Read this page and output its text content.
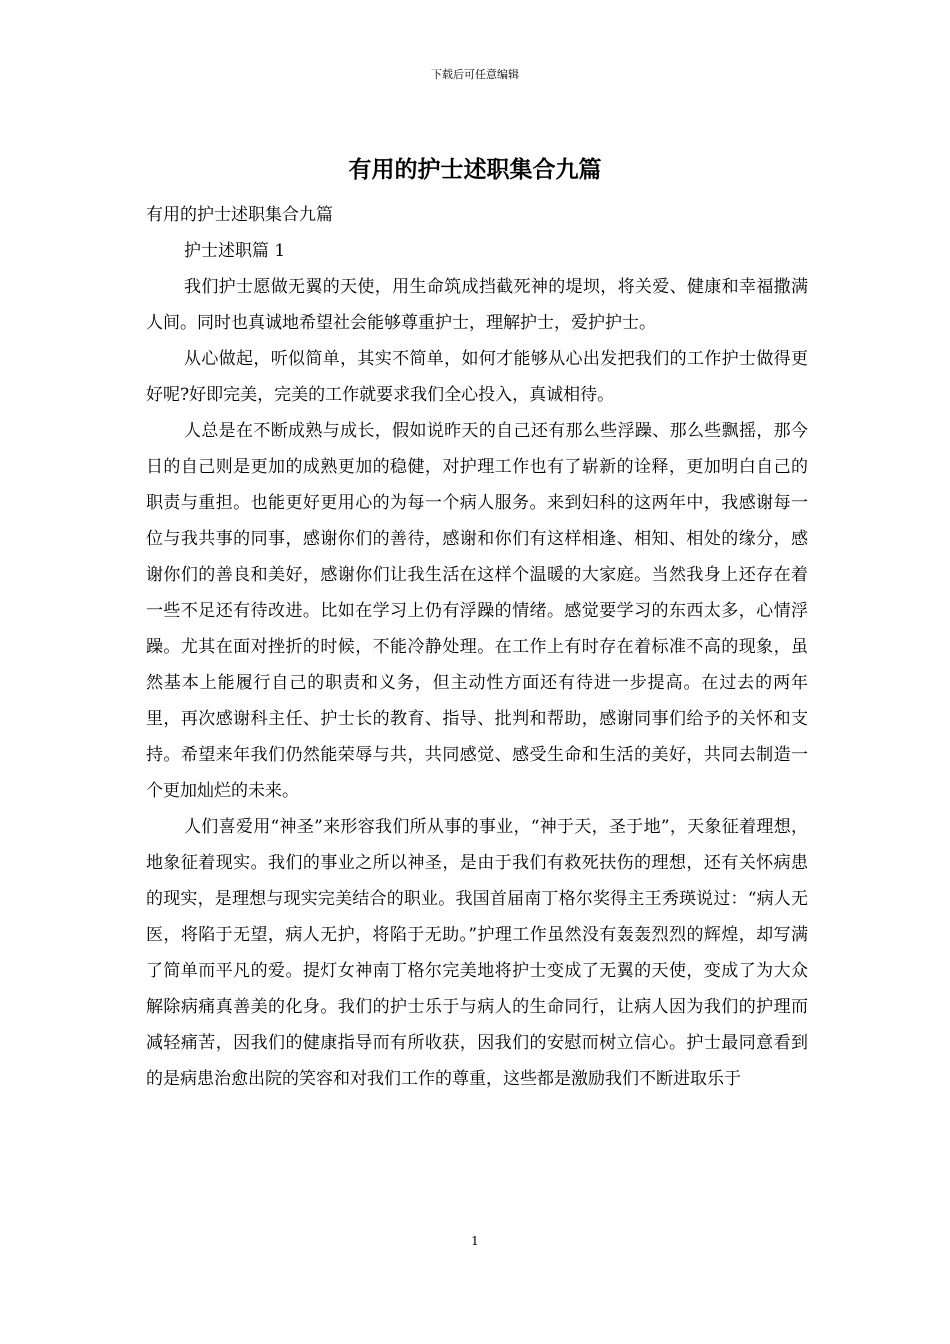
下载后可任意编辑
有用的护士述职集合九篇

有用的护士述职集合九篇

护士述职篇 1

我们护士愿做无翼的天使，用生命筑成挡截死神的堤坝，将关爱、健康和幸福撒满人间。同时也真诚地希望社会能够尊重护士，理解护士，爱护护士。

从心做起，听似简单，其实不简单，如何才能够从心出发把我们的工作护士做得更好呢?好即完美，完美的工作就要求我们全心投入，真诚相待。

人总是在不断成熟与成长，假如说昨天的自己还有那么些浮躁、那么些飘摇，那今日的自己则是更加的成熟更加的稳健，对护理工作也有了崭新的诠释，更加明白自己的职责与重担。也能更好更用心的为每一个病人服务。来到妇科的这两年中，我感谢每一位与我共事的同事，感谢你们的善待，感谢和你们有这样相逢、相知、相处的缘分，感谢你们的善良和美好，感谢你们让我生活在这样个温暖的大家庭。当然我身上还存在着一些不足还有待改进。比如在学习上仍有浮躁的情绪。感觉要学习的东西太多，心情浮躁。尤其在面对挫折的时候，不能冷静处理。在工作上有时存在着标准不高的现象，虽然基本上能履行自己的职责和义务，但主动性方面还有待进一步提高。在过去的两年里，再次感谢科主任、护士长的教育、指导、批判和帮助，感谢同事们给予的关怀和支持。希望来年我们仍然能荣辱与共，共同感觉、感受生命和生活的美好，共同去制造一个更加灿烂的未来。

人们喜爱用“神圣”来形容我们所从事的事业，“神于天，圣于地”，天象征着理想，地象征着现实。我们的事业之所以神圣，是由于我们有救死扶伤的理想，还有关怀病患的现实，是理想与现实完美结合的职业。我国首届南丁格尔奖得主王秀瑛说过：“病人无医，将陷于无望，病人无护，将陷于无助。”护理工作虽然没有轰轰烈烈的辉煌，却写满了简单而平凡的爱。提灯女神南丁格尔完美地将护士变成了无翼的天使，变成了为大众解除病痛真善美的化身。我们的护士乐于与病人的生命同行，让病人因为我们的护理而减轻痛苦，因我们的健康指导而有所收获，因我们的安慰而树立信心。护士最同意看到的是病患治愈出院的笑容和对我们工作的尊重，这些都是激励我们不断进取乐于

1
